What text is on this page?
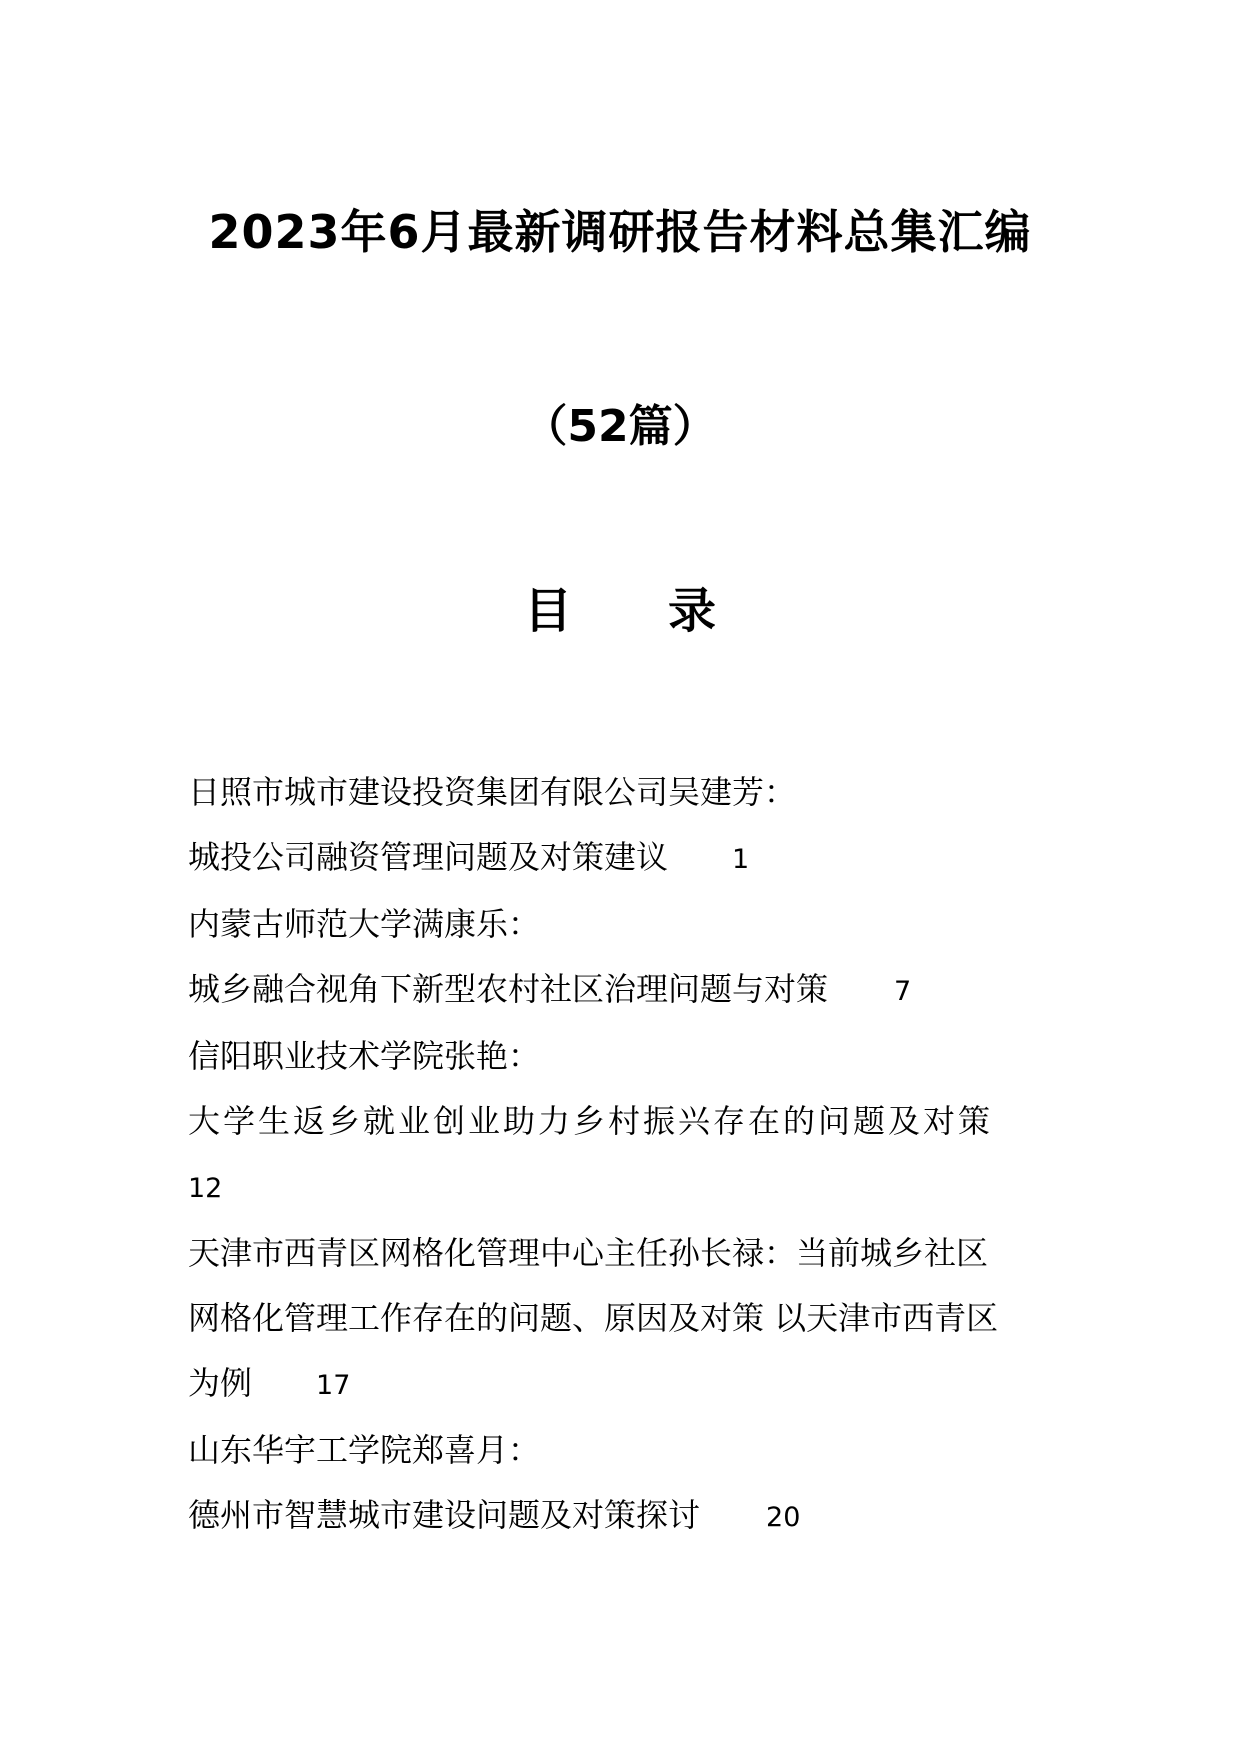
2023年6月最新调研报告材料总集汇编
（52篇）
目 录
日照市城市建设投资集团有限公司吴建芳：
城投公司融资管理问题及对策建议 1
内蒙古师范大学满康乐：
城乡融合视角下新型农村社区治理问题与对策 7
信阳职业技术学院张艳：
大学生返乡就业创业助力乡村振兴存在的问题及对策
12
天津市西青区网格化管理中心主任孙长禄：当前城乡社区
网格化管理工作存在的问题、原因及对策 以天津市西青区
为例 17
山东华宇工学院郑喜月：
德州市智慧城市建设问题及对策探讨 20
